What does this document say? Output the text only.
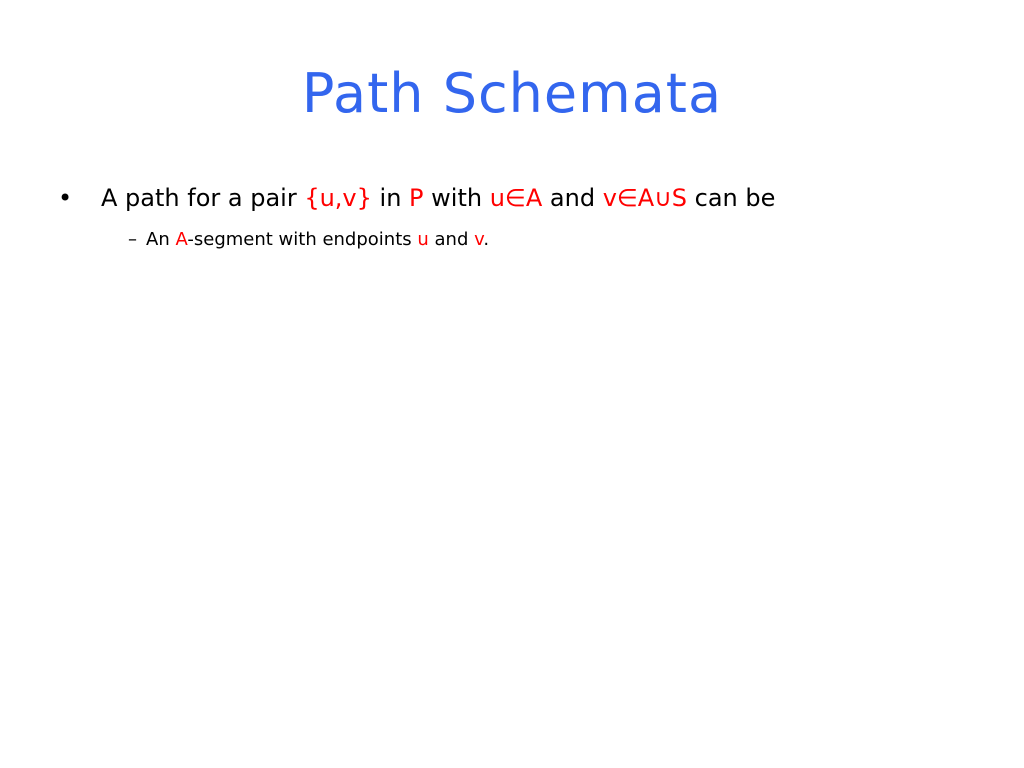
Path Schemata
• A path for a pair {u,v} in P with u∈A and v∈A∪S can be
– An A-segment with endpoints u and v.
